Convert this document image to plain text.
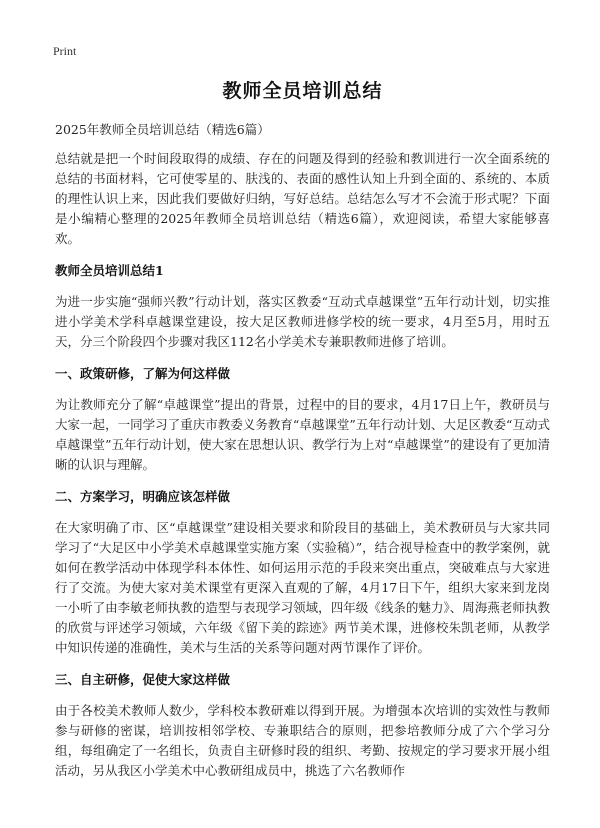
Print
教师全员培训总结
2025年教师全员培训总结（精选6篇）

总结就是把一个时间段取得的成绩、存在的问题及得到的经验和教训进行一次全面系统的总结的书面材料，它可使零星的、肤浅的、表面的感性认知上升到全面的、系统的、本质的理性认识上来，因此我们要做好归纳，写好总结。总结怎么写才不会流于形式呢？下面是小编精心整理的2025年教师全员培训总结（精选6篇），欢迎阅读，希望大家能够喜欢。

教师全员培训总结1

为进一步实施“强师兴教”行动计划，落实区教委“互动式卓越课堂”五年行动计划，切实推进小学美术学科卓越课堂建设，按大足区教师进修学校的统一要求，4月至5月，用时五天，分三个阶段四个步骤对我区112名小学美术专兼职教师进修了培训。

一、政策研修，了解为何这样做

为让教师充分了解“卓越课堂”提出的背景，过程中的目的要求，4月17日上午，教研员与大家一起，一同学习了重庆市教委义务教育“卓越课堂”五年行动计划、大足区教委“互动式卓越课堂”五年行动计划，使大家在思想认识、教学行为上对“卓越课堂”的建设有了更加清晰的认识与理解。

二、方案学习，明确应该怎样做

在大家明确了市、区“卓越课堂”建设相关要求和阶段目的基础上，美术教研员与大家共同学习了“大足区中小学美术卓越课堂实施方案（实验稿）”，结合视导检查中的教学案例，就如何在教学活动中体现学科本体性、如何运用示范的手段来突出重点，突破难点与大家进行了交流。为使大家对美术课堂有更深入直观的了解，4月17日下午，组织大家来到龙岗一小听了由李敏老师执教的造型与表现学习领域，四年级《线条的魅力》、周海燕老师执教的欣赏与评述学习领域，六年级《留下美的踪迹》两节美术课，进修校朱凯老师，从教学中知识传递的准确性，美术与生活的关系等问题对两节课作了评价。

三、自主研修，促使大家这样做

由于各校美术教师人数少，学科校本教研难以得到开展。为增强本次培训的实效性与教师参与研修的密谋，培训按相邻学校、专兼职结合的原则，把参培教师分成了六个学习分组，每组确定了一名组长，负责自主研修时段的组织、考勤、按规定的学习要求开展小组活动，另从我区小学美术中心教研组成员中，挑选了六名教师作
